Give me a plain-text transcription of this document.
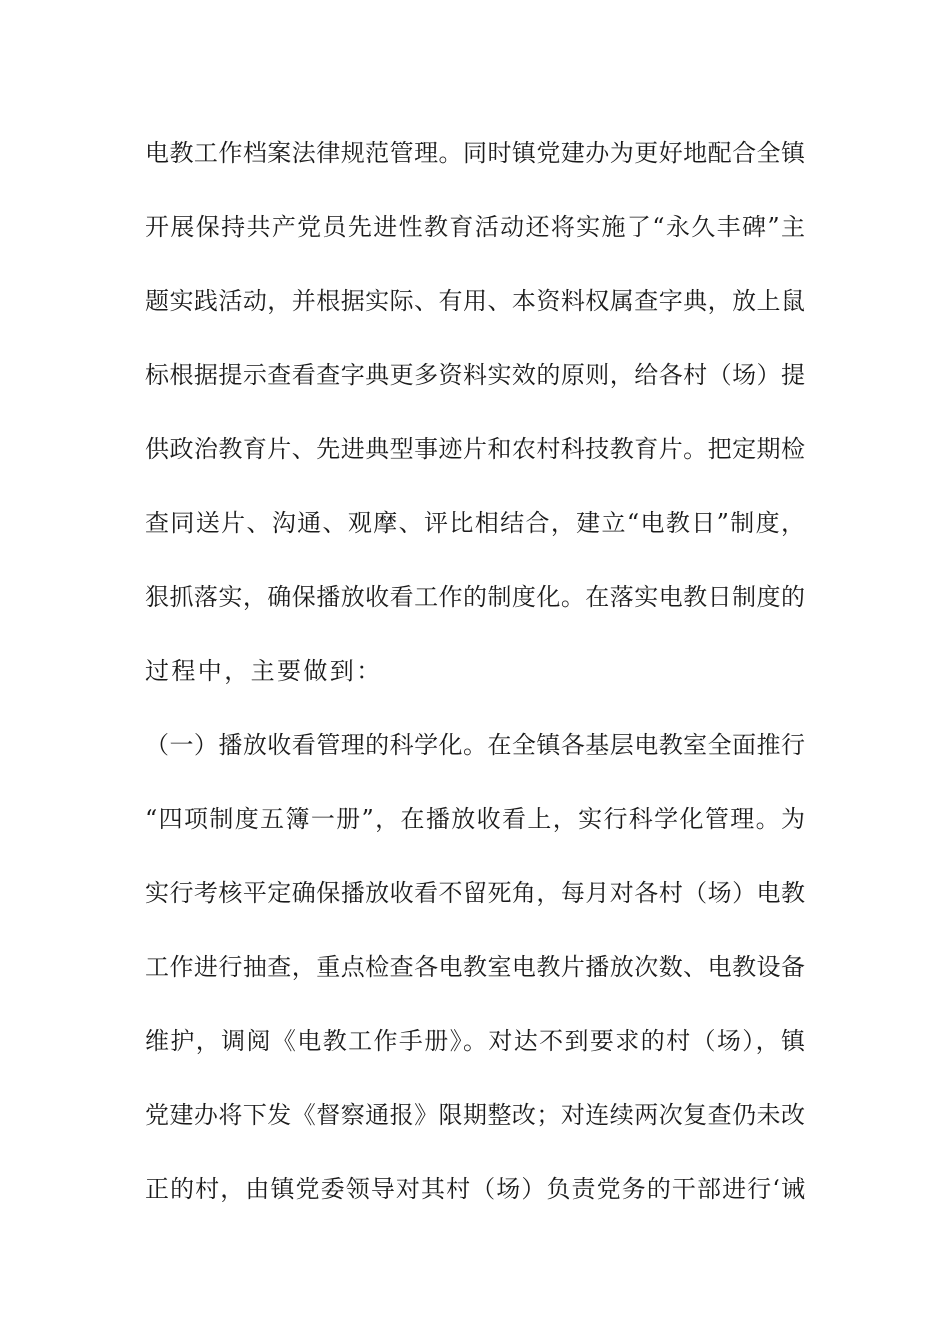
电教工作档案法律规范管理。同时镇党建办为更好地配合全镇
开展保持共产党员先进性教育活动还将实施了“永久丰碑”主
题实践活动，并根据实际、有用、本资料权属查字典，放上鼠
标根据提示查看查字典更多资料实效的原则，给各村（场）提
供政治教育片、先进典型事迹片和农村科技教育片。把定期检
查同送片、沟通、观摩、评比相结合，建立“电教日”制度，
狠抓落实，确保播放收看工作的制度化。在落实电教日制度的
过程中，主要做到：
（一）播放收看管理的科学化。在全镇各基层电教室全面推行
“四项制度五簿一册”，在播放收看上，实行科学化管理。为
实行考核平定确保播放收看不留死角，每月对各村（场）电教
工作进行抽查，重点检查各电教室电教片播放次数、电教设备
维护，调阅《电教工作手册》。对达不到要求的村（场），镇
党建办将下发《督察通报》限期整改；对连续两次复查仍未改
正的村，由镇党委领导对其村（场）负责党务的干部进行‘诫
